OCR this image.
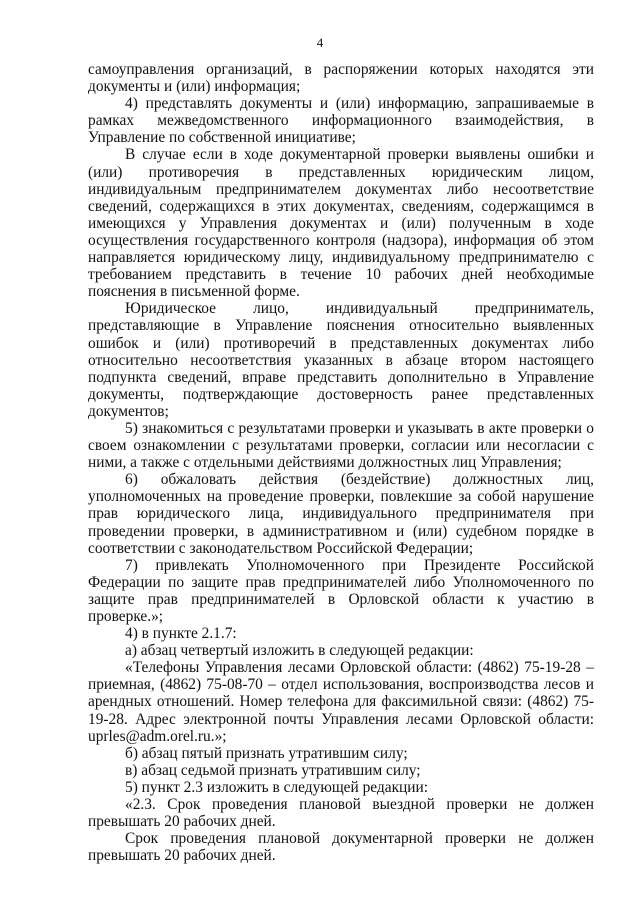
4

самоуправления организаций, в распоряжении которых находятся эти документы и (или) информация;

4) представлять документы и (или) информацию, запрашиваемые в рамках межведомственного информационного взаимодействия, в Управление по собственной инициативе;

В случае если в ходе документарной проверки выявлены ошибки и (или) противоречия в представленных юридическим лицом, индивидуальным предпринимателем документах либо несоответствие сведений, содержащихся в этих документах, сведениям, содержащимся в имеющихся у Управления документах и (или) полученным в ходе осуществления государственного контроля (надзора), информация об этом направляется юридическому лицу, индивидуальному предпринимателю с требованием представить в течение 10 рабочих дней необходимые пояснения в письменной форме.

Юридическое лицо, индивидуальный предприниматель, представляющие в Управление пояснения относительно выявленных ошибок и (или) противоречий в представленных документах либо относительно несоответствия указанных в абзаце втором настоящего подпункта сведений, вправе представить дополнительно в Управление документы, подтверждающие достоверность ранее представленных документов;

5) знакомиться с результатами проверки и указывать в акте проверки о своем ознакомлении с результатами проверки, согласии или несогласии с ними, а также с отдельными действиями должностных лиц Управления;

6) обжаловать действия (бездействие) должностных лиц, уполномоченных на проведение проверки, повлекшие за собой нарушение прав юридического лица, индивидуального предпринимателя при проведении проверки, в административном и (или) судебном порядке в соответствии с законодательством Российской Федерации;

7) привлекать Уполномоченного при Президенте Российской Федерации по защите прав предпринимателей либо Уполномоченного по защите прав предпринимателей в Орловской области к участию в проверке.»;

4) в пункте 2.1.7:

а) абзац четвертый изложить в следующей редакции:

«Телефоны Управления лесами Орловской области: (4862) 75-19-28 – приемная, (4862) 75-08-70 – отдел использования, воспроизводства лесов и арендных отношений. Номер телефона для факсимильной связи: (4862) 75-19-28. Адрес электронной почты Управления лесами Орловской области: uprles@adm.orel.ru.»;

б) абзац пятый признать утратившим силу;

в) абзац седьмой признать утратившим силу;

5) пункт 2.3 изложить в следующей редакции:

«2.3. Срок проведения плановой выездной проверки не должен превышать 20 рабочих дней.

Срок проведения плановой документарной проверки не должен превышать 20 рабочих дней.
